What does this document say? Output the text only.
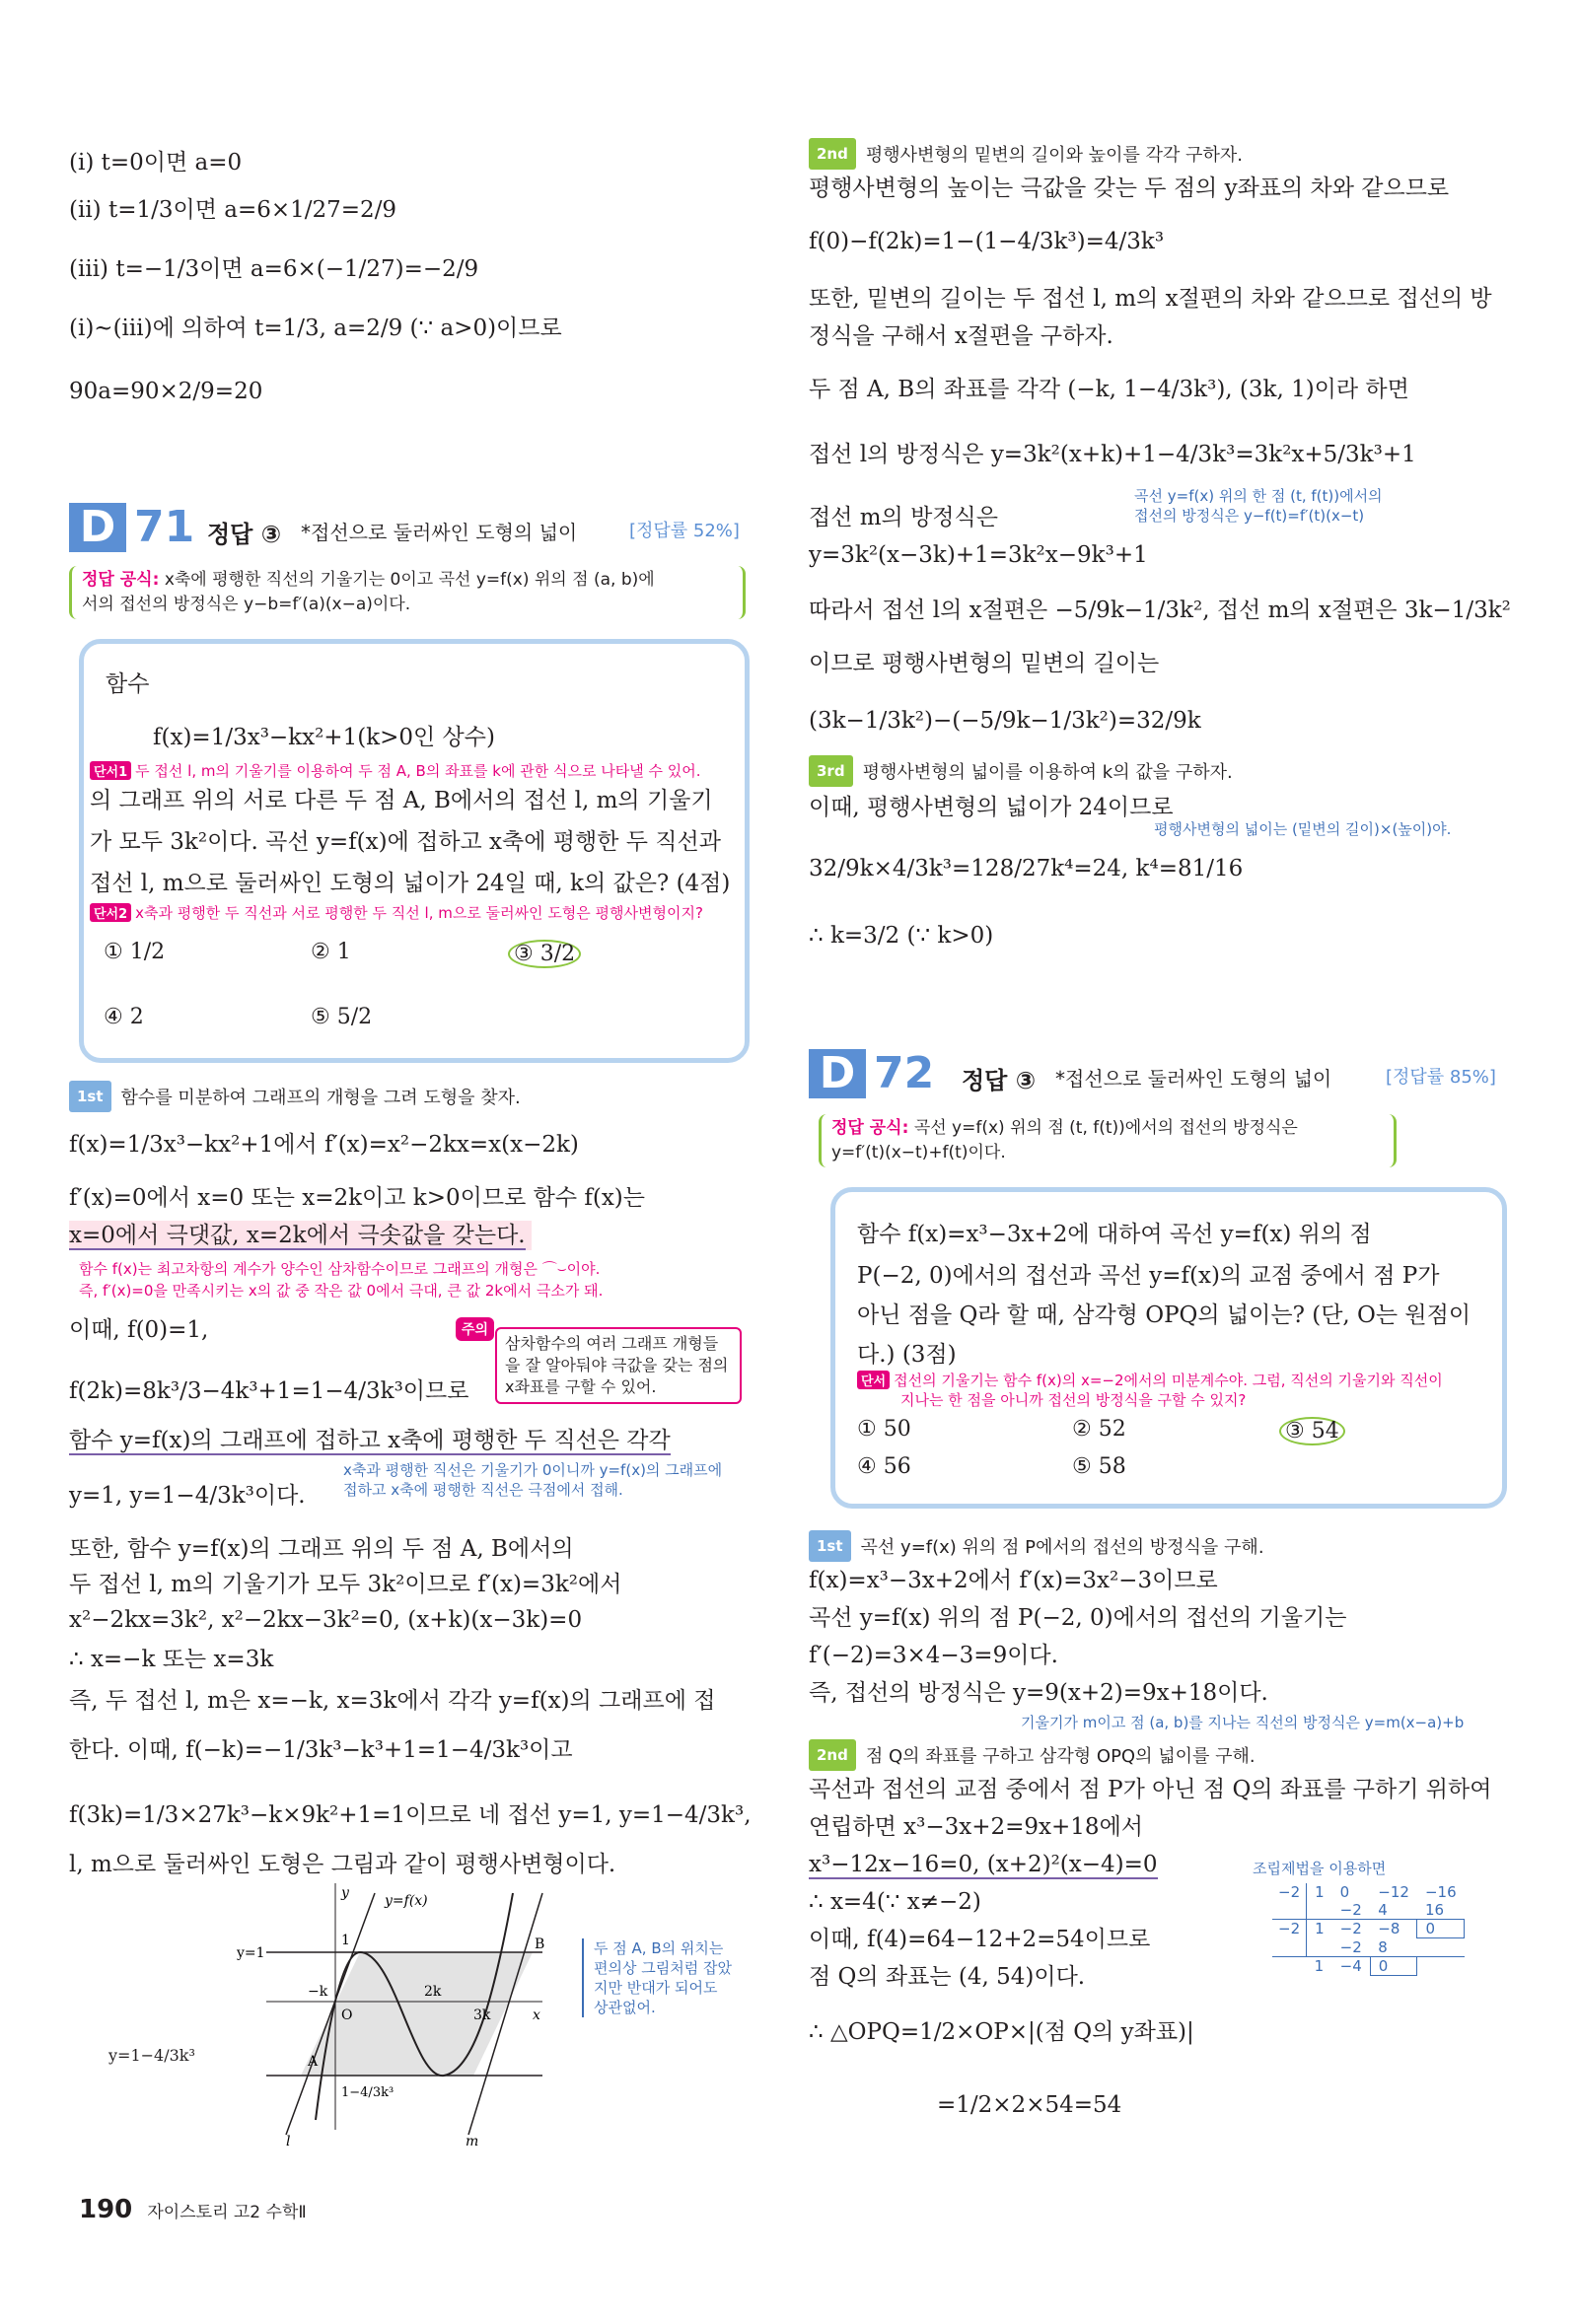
(ⅰ) t=0이면 a=0
(ⅱ) t=1/3이면 a=6×1/27=2/9
(ⅲ) t=−1/3이면 a=6×(−1/27)=−2/9
(ⅰ)~(ⅲ)에 의하여 t=1/3, a=2/9 (∵ a>0)이므로
90a=90×2/9=20
D 71 정답 ③ *접선으로 둘러싸인 도형의 넓이	[정답률 52%]
정답 공식: x축에 평행한 직선의 기울기는 0이고 곡선 y=f(x) 위의 점 (a, b)에
서의 접선의 방정식은 y−b=f′(a)(x−a)이다.
함수
f(x)=1/3x³−kx²+1(k>0인 상수)
단서1 두 접선 l, m의 기울기를 이용하여 두 점 A, B의 좌표를 k에 관한 식으로 나타낼 수 있어.
의 그래프 위의 서로 다른 두 점 A, B에서의 접선 l, m의 기울기
가 모두 3k²이다. 곡선 y=f(x)에 접하고 x축에 평행한 두 직선과
접선 l, m으로 둘러싸인 도형의 넓이가 24일 때, k의 값은? (4점)
단서2 x축과 평행한 두 직선과 서로 평행한 두 직선 l, m으로 둘러싸인 도형은 평행사변형이지?
① 1/2	② 1	③ 3/2
④ 2	⑤ 5/2
1st 함수를 미분하여 그래프의 개형을 그려 도형을 찾자.
f(x)=1/3x³−kx²+1에서 f′(x)=x²−2kx=x(x−2k)
f′(x)=0에서 x=0 또는 x=2k이고 k>0이므로 함수 f(x)는
x=0에서 극댓값, x=2k에서 극솟값을 갖는다.
함수 f(x)는 최고차항의 계수가 양수인 삼차함수이므로 그래프의 개형은 ⌒⌣이야.
즉, f′(x)=0을 만족시키는 x의 값 중 작은 값 0에서 극대, 큰 값 2k에서 극소가 돼.
이때, f(0)=1,
f(2k)=8k³/3−4k³+1=1−4/3k³이므로
주의
삼차함수의 여러 그래프 개형들을 잘 알아둬야 극값을 갖는 점의 x좌표를 구할 수 있어.
함수 y=f(x)의 그래프에 접하고 x축에 평행한 두 직선은 각각
x축과 평행한 직선은 기울기가 0이니까 y=f(x)의 그래프에
접하고 x축에 평행한 직선은 극점에서 접해.
y=1, y=1−4/3k³이다.
또한, 함수 y=f(x)의 그래프 위의 두 점 A, B에서의
두 접선 l, m의 기울기가 모두 3k²이므로 f′(x)=3k²에서
x²−2kx=3k², x²−2kx−3k²=0, (x+k)(x−3k)=0
∴ x=−k 또는 x=3k
즉, 두 접선 l, m은 x=−k, x=3k에서 각각 y=f(x)의 그래프에 접
한다. 이때, f(−k)=−1/3k³−k³+1=1−4/3k³이고
f(3k)=1/3×27k³−k×9k²+1=1이므로 네 접선 y=1, y=1−4/3k³,
l, m으로 둘러싸인 도형은 그림과 같이 평행사변형이다.
y
x
y=f(x)
y=1
1
−k	2k
3k
O
A
B
1−4/3k³
l	m
y=1−4/3k³
두 점 A, B의 위치는 편의상 그림처럼 잡았지만 반대가 되어도 상관없어.
2nd 평행사변형의 밑변의 길이와 높이를 각각 구하자.
평행사변형의 높이는 극값을 갖는 두 점의 y좌표의 차와 같으므로
f(0)−f(2k)=1−(1−4/3k³)=4/3k³
또한, 밑변의 길이는 두 접선 l, m의 x절편의 차와 같으므로 접선의 방
정식을 구해서 x절편을 구하자.
두 점 A, B의 좌표를 각각 (−k, 1−4/3k³), (3k, 1)이라 하면
접선 l의 방정식은 y=3k²(x+k)+1−4/3k³=3k²x+5/3k³+1
곡선 y=f(x) 위의 한 점 (t, f(t))에서의
접선의 방정식은 y−f(t)=f′(t)(x−t)
접선 m의 방정식은
y=3k²(x−3k)+1=3k²x−9k³+1
따라서 접선 l의 x절편은 −5/9k−1/3k², 접선 m의 x절편은 3k−1/3k²
이므로 평행사변형의 밑변의 길이는
(3k−1/3k²)−(−5/9k−1/3k²)=32/9k
3rd 평행사변형의 넓이를 이용하여 k의 값을 구하자.
이때, 평행사변형의 넓이가 24이므로
평행사변형의 넓이는 (밑변의 길이)×(높이)야.
32/9k×4/3k³=128/27k⁴=24, k⁴=81/16
∴ k=3/2 (∵ k>0)
D 72 정답 ③ *접선으로 둘러싸인 도형의 넓이	[정답률 85%]
정답 공식: 곡선 y=f(x) 위의 점 (t, f(t))에서의 접선의 방정식은
y=f′(t)(x−t)+f(t)이다.
함수 f(x)=x³−3x+2에 대하여 곡선 y=f(x) 위의 점
P(−2, 0)에서의 접선과 곡선 y=f(x)의 교점 중에서 점 P가
아닌 점을 Q라 할 때, 삼각형 OPQ의 넓이는? (단, O는 원점이
다.) (3점)
단서 접선의 기울기는 함수 f(x)의 x=−2에서의 미분계수야. 그럼, 직선의 기울기와 직선이
지나는 한 점을 아니까 접선의 방정식을 구할 수 있지?
① 50	② 52	③ 54
④ 56	⑤ 58
1st 곡선 y=f(x) 위의 점 P에서의 접선의 방정식을 구해.
f(x)=x³−3x+2에서 f′(x)=3x²−3이므로
곡선 y=f(x) 위의 점 P(−2, 0)에서의 접선의 기울기는
f′(−2)=3×4−3=9이다.
즉, 접선의 방정식은 y=9(x+2)=9x+18이다.
기울기가 m이고 점 (a, b)를 지나는 직선의 방정식은 y=m(x−a)+b
2nd 점 Q의 좌표를 구하고 삼각형 OPQ의 넓이를 구해.
곡선과 접선의 교점 중에서 점 P가 아닌 점 Q의 좌표를 구하기 위하여
연립하면 x³−3x+2=9x+18에서
x³−12x−16=0, (x+2)²(x−4)=0
∴ x=4(∵ x≠−2)
이때, f(4)=64−12+2=54이므로
점 Q의 좌표는 (4, 54)이다.
∴ △OPQ=1/2×OP×|(점 Q의 y좌표)|
=1/2×2×54=54
조립제법을 이용하면
−2	1	0	−12	−16
		−2	4	16
−2	1	−2	−8	0
		−2	8	
	1	−4	0	
190 자이스토리 고2 수학Ⅱ
